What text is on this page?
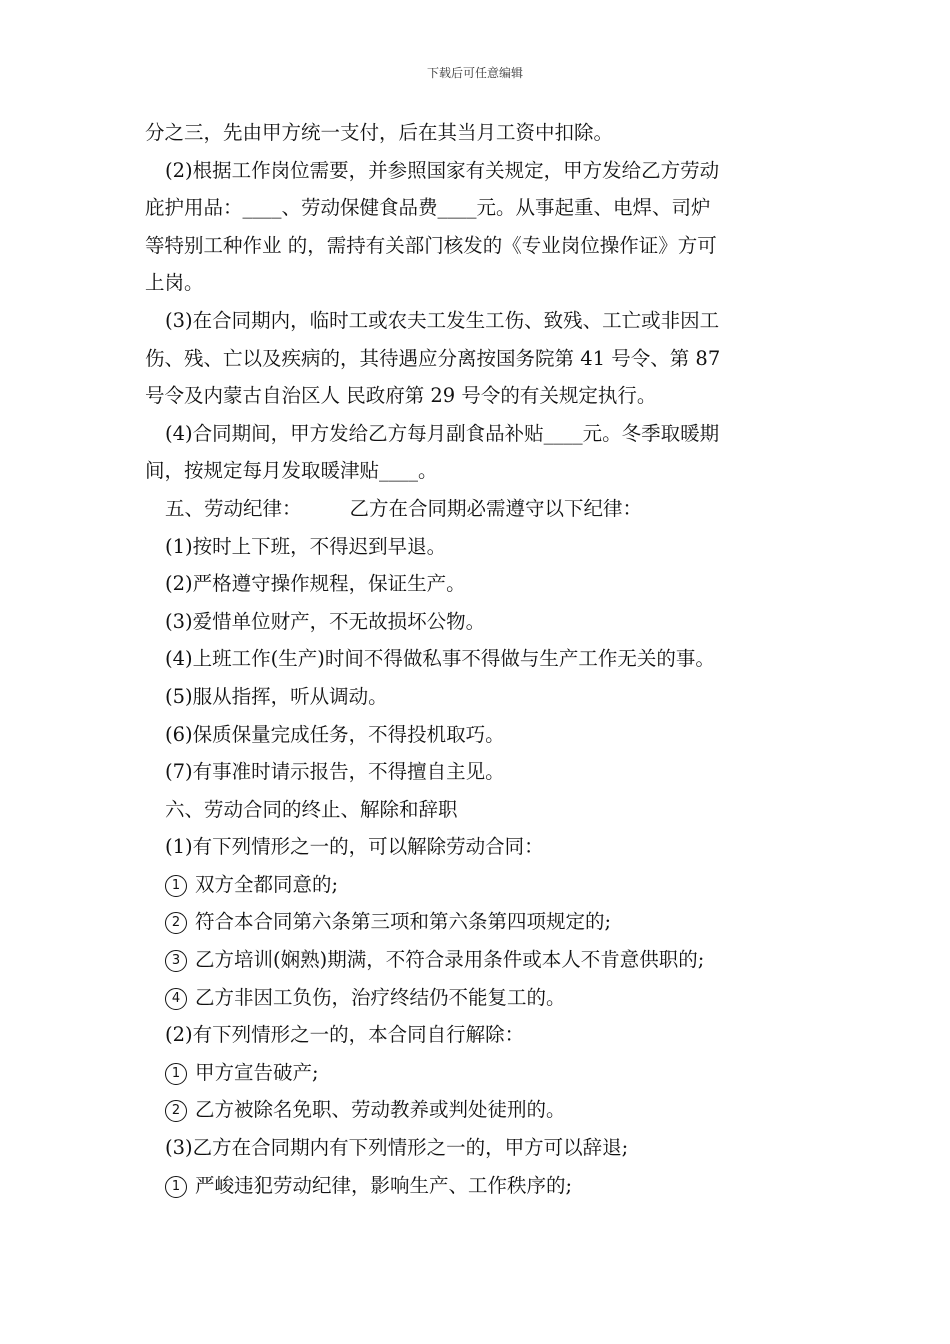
下载后可任意编辑

分之三，先由甲方统一支付，后在其当月工资中扣除。

(2)根据工作岗位需要，并参照国家有关规定，甲方发给乙方劳动

庇护用品：____、劳动保健食品费____元。从事起重、电焊、司炉

等特别工种作业 的，需持有关部门核发的《专业岗位操作证》方可

上岗。

(3)在合同期内，临时工或农夫工发生工伤、致残、工亡或非因工

伤、残、亡以及疾病的，其待遇应分离按国务院第 41 号令、第 87

号令及内蒙古自治区人 民政府第 29 号令的有关规定执行。

(4)合同期间，甲方发给乙方每月副食品补贴____元。冬季取暖期

间，按规定每月发取暖津贴____。

五、劳动纪律： 乙方在合同期必需遵守以下纪律：

(1)按时上下班，不得迟到早退。

(2)严格遵守操作规程，保证生产。

(3)爱惜单位财产，不无故损坏公物。

(4)上班工作(生产)时间不得做私事不得做与生产工作无关的事。

(5)服从指挥，听从调动。

(6)保质保量完成任务，不得投机取巧。

(7)有事准时请示报告，不得擅自主见。

六、劳动合同的终止、解除和辞职

(1)有下列情形之一的，可以解除劳动合同：

1 双方全都同意的;

2 符合本合同第六条第三项和第六条第四项规定的;

3 乙方培训(娴熟)期满，不符合录用条件或本人不肯意供职的;

4 乙方非因工负伤，治疗终结仍不能复工的。

(2)有下列情形之一的，本合同自行解除：

1 甲方宣告破产;

2 乙方被除名免职、劳动教养或判处徒刑的。

(3)乙方在合同期内有下列情形之一的，甲方可以辞退;

1 严峻违犯劳动纪律，影响生产、工作秩序的;
